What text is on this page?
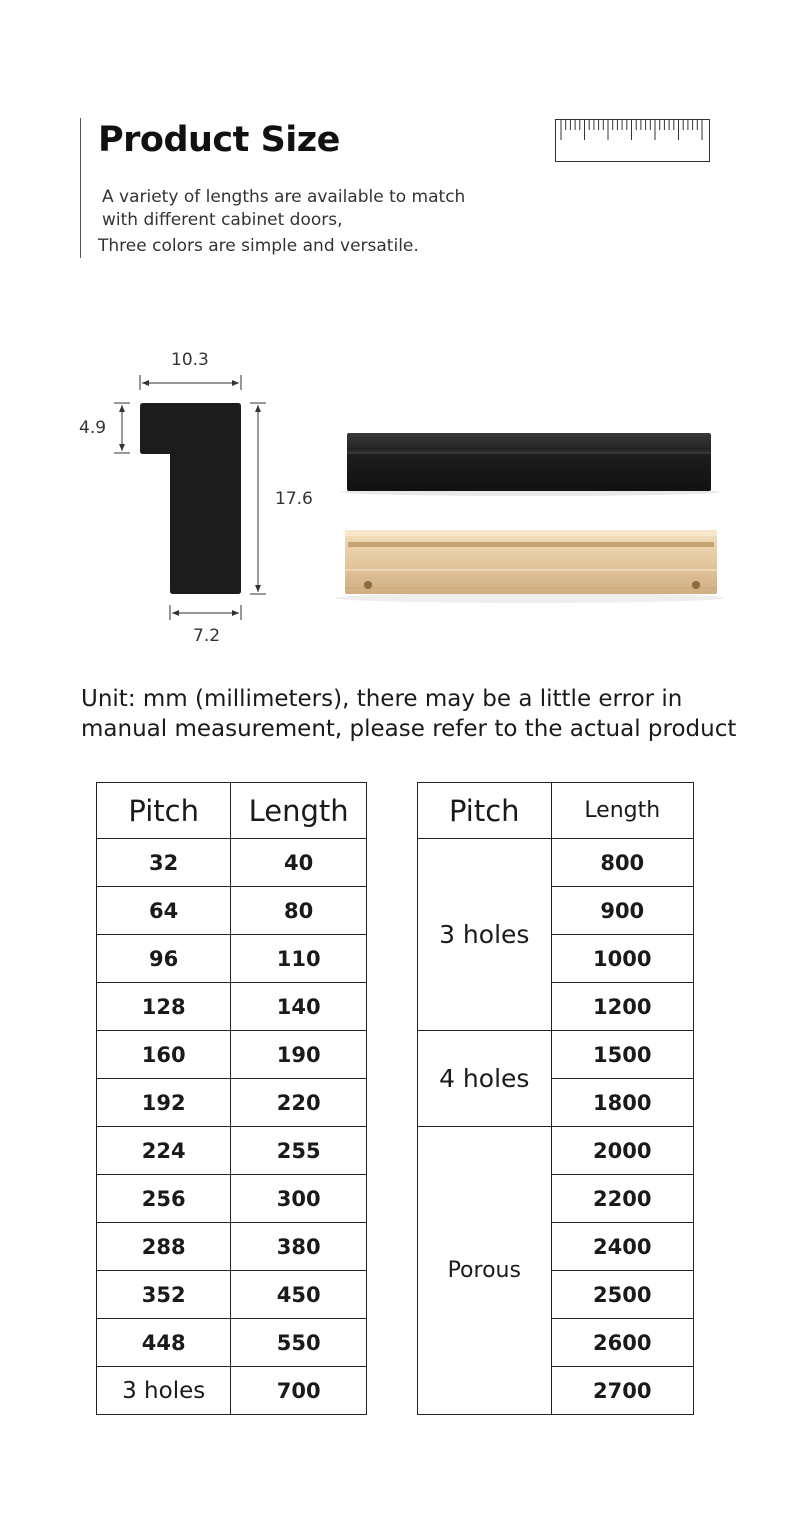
Product Size
A variety of lengths are available to match
with different cabinet doors,
Three colors are simple and versatile.
10.3
4.9
17.6
7.2
Unit: mm (millimeters), there may be a little error in
manual measurement, please refer to the actual product
Pitch	Length
32	40
64	80
96	110
128	140
160	190
192	220
224	255
256	300
288	380
352	450
448	550
3 holes	700
Pitch	Length
3 holes	800
	900
	1000
	1200
4 holes	1500
	1800
Porous	2000
	2200
	2400
	2500
	2600
	2700
